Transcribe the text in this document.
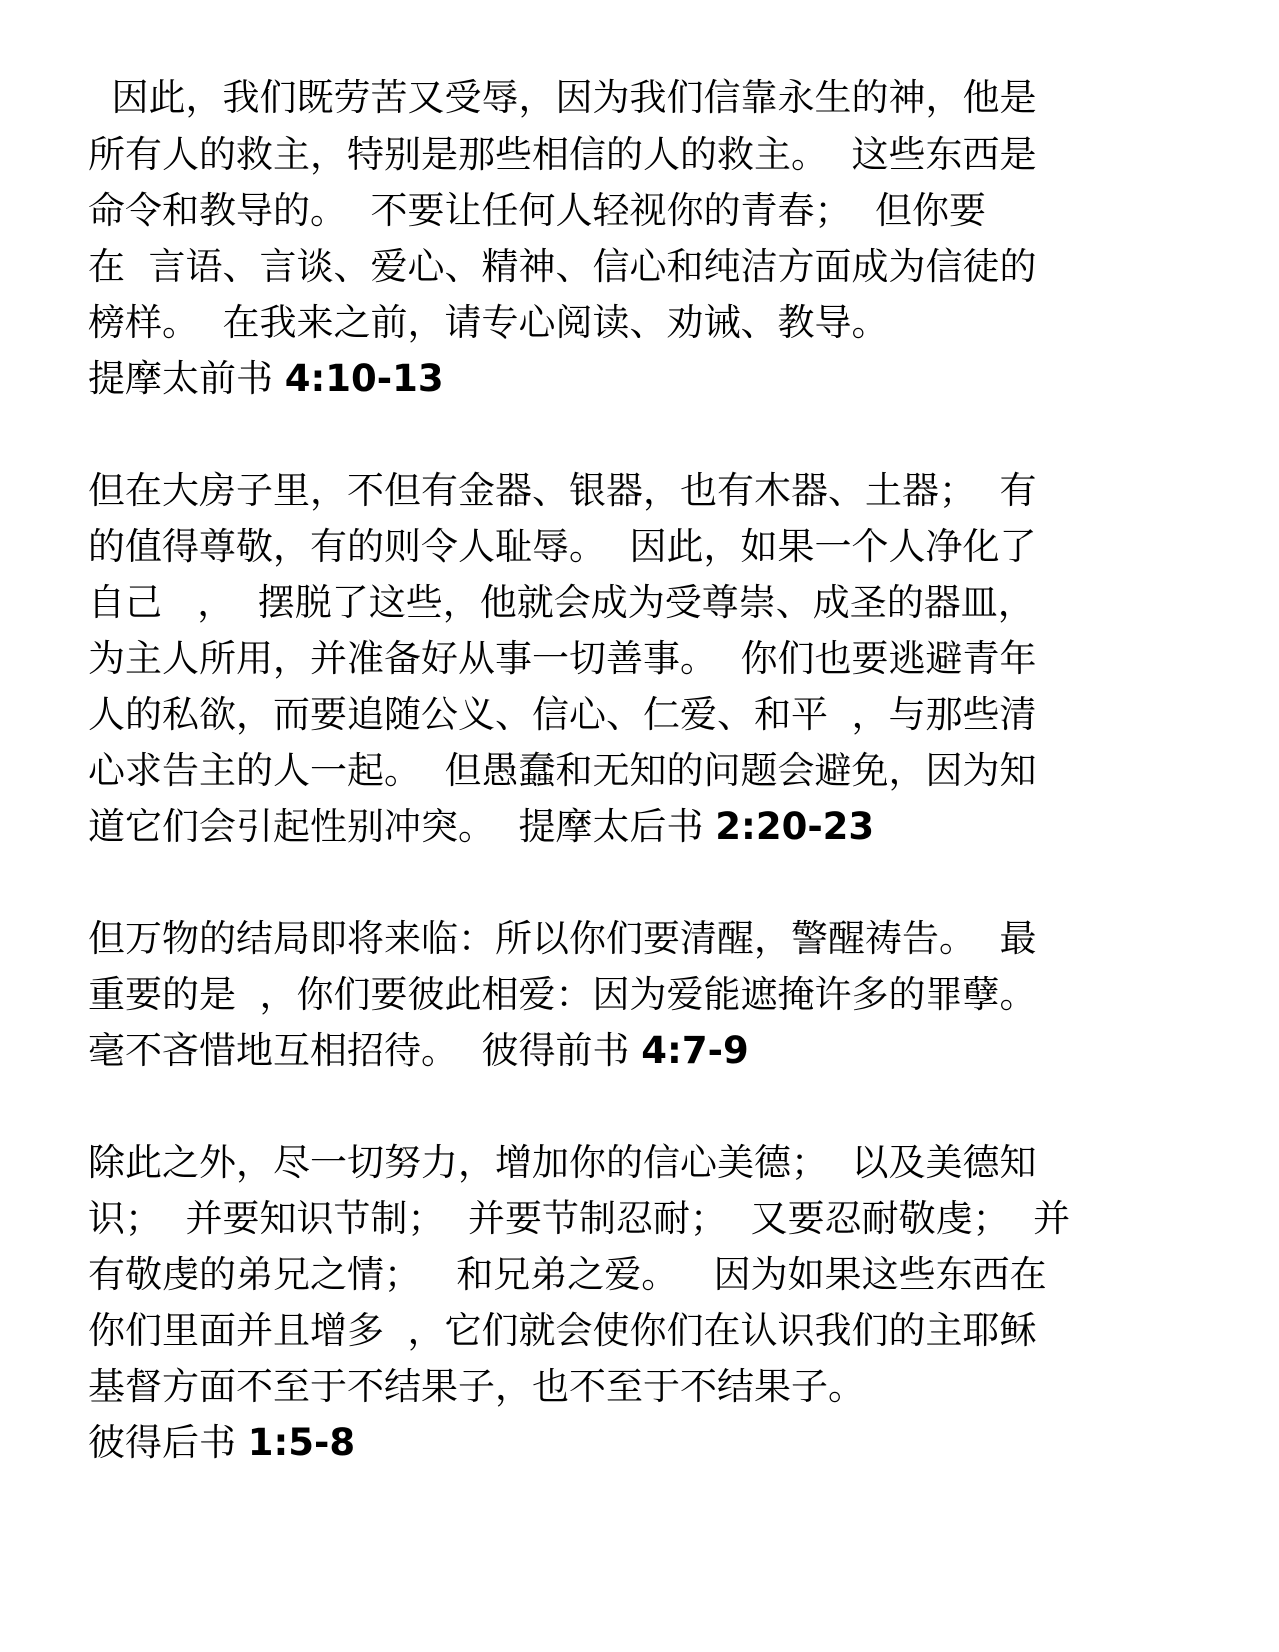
因此，我们既劳苦又受辱，因为我们信靠永生的神，他是
所有人的救主，特别是那些相信的人的救主。  这些东西是
命令和教导的。  不要让任何人轻视你的青春；  但你要
在  言语、言谈、爱心、精神、信心和纯洁方面成为信徒的
榜样。  在我来之前，请专心阅读、劝诫、教导。
提摩太前书 4:10-13
但在大房子里，不但有金器、银器，也有木器、土器；  有
的值得尊敬，有的则令人耻辱。  因此，如果一个人净化了
自己   ，  摆脱了这些，他就会成为受尊崇、成圣的器皿，
为主人所用，并准备好从事一切善事。  你们也要逃避青年
人的私欲，而要追随公义、信心、仁爱、和平  ，与那些清
心求告主的人一起。  但愚蠢和无知的问题会避免，因为知
道它们会引起性别冲突。  提摩太后书 2:20-23
但万物的结局即将来临：所以你们要清醒，警醒祷告。  最
重要的是  ，你们要彼此相爱：因为爱能遮掩许多的罪孽。
毫不吝惜地互相招待。  彼得前书 4:7-9
除此之外，尽一切努力，增加你的信心美德；  以及美德知
识；  并要知识节制；  并要节制忍耐；  又要忍耐敬虔；  并
有敬虔的弟兄之情；   和兄弟之爱。   因为如果这些东西在
你们里面并且增多  ，它们就会使你们在认识我们的主耶稣
基督方面不至于不结果子，也不至于不结果子。
彼得后书 1:5-8
